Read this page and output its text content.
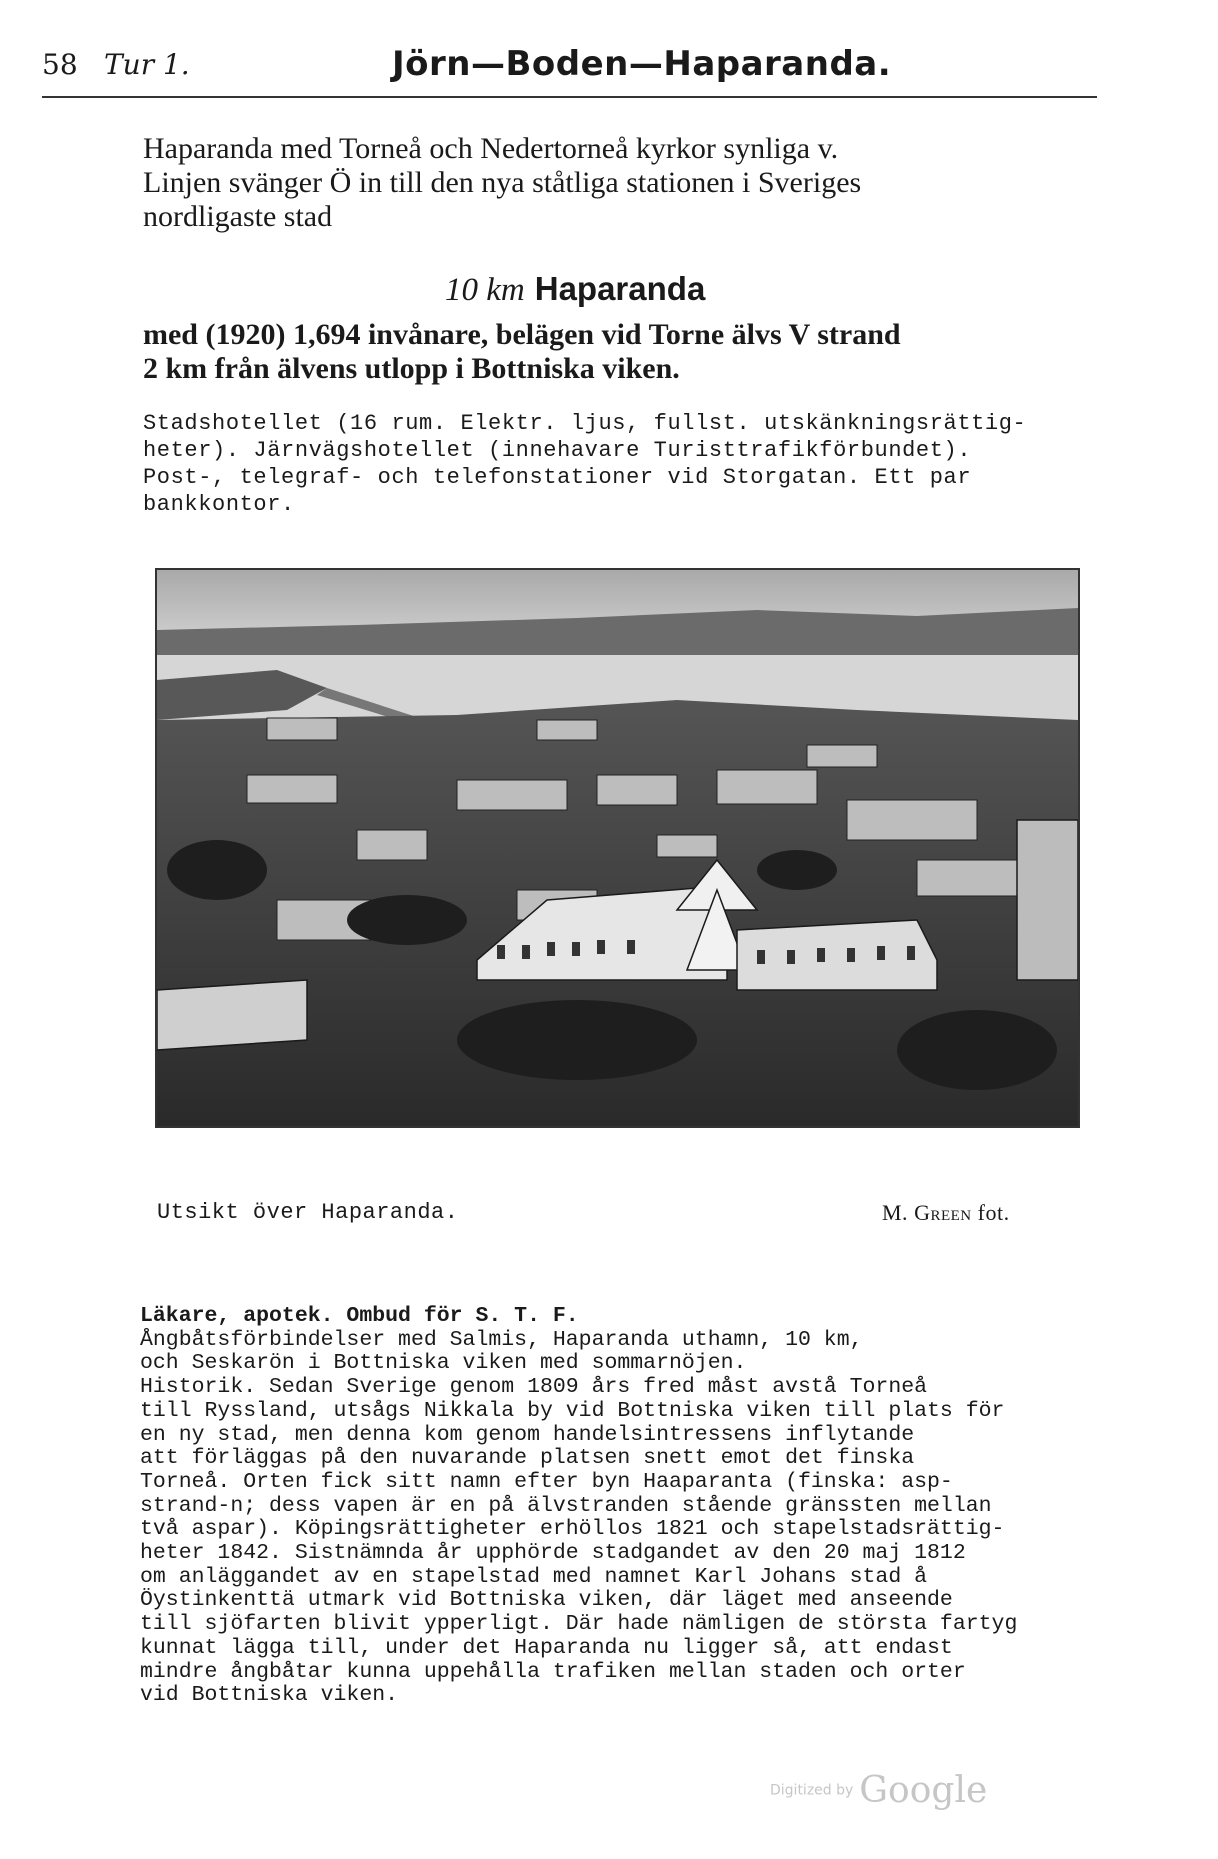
58 Tur 1.	Jörn—Boden—Haparanda.
Haparanda med Torneå och Nedertorneå kyrkor synliga v.
Linjen svänger Ö in till den nya ståtliga stationen i Sveriges
nordligaste stad
10 km Haparanda
med (1920) 1,694 invånare, belägen vid Torne älvs V strand
2 km från älvens utlopp i Bottniska viken.
Stadshotellet (16 rum. Elektr. ljus, fullst. utskänkningsrättig-
heter). Järnvägshotellet (innehavare Turisttrafikförbundet).
Post-, telegraf- och telefonstationer vid Storgatan. Ett par
bankkontor.
Utsikt över Haparanda.	M. Green fot.
Läkare, apotek. Ombud för S. T. F.
Ångbåtsförbindelser med Salmis, Haparanda uthamn, 10 km,
och Seskarön i Bottniska viken med sommarnöjen.
Historik. Sedan Sverige genom 1809 års fred måst avstå Torneå
till Ryssland, utsågs Nikkala by vid Bottniska viken till plats för
en ny stad, men denna kom genom handelsintressens inflytande
att förläggas på den nuvarande platsen snett emot det finska
Torneå. Orten fick sitt namn efter byn Haaparanta (finska: asp-
strand-n; dess vapen är en på älvstranden stående gränssten mellan
två aspar). Köpingsrättigheter erhöllos 1821 och stapelstadsrättig-
heter 1842. Sistnämnda år upphörde stadgandet av den 20 maj 1812
om anläggandet av en stapelstad med namnet Karl Johans stad å
Öystinkenttä utmark vid Bottniska viken, där läget med anseende
till sjöfarten blivit ypperligt. Där hade nämligen de största fartyg
kunnat lägga till, under det Haparanda nu ligger så, att endast
mindre ångbåtar kunna uppehålla trafiken mellan staden och orter
vid Bottniska viken.
Digitized by Google
